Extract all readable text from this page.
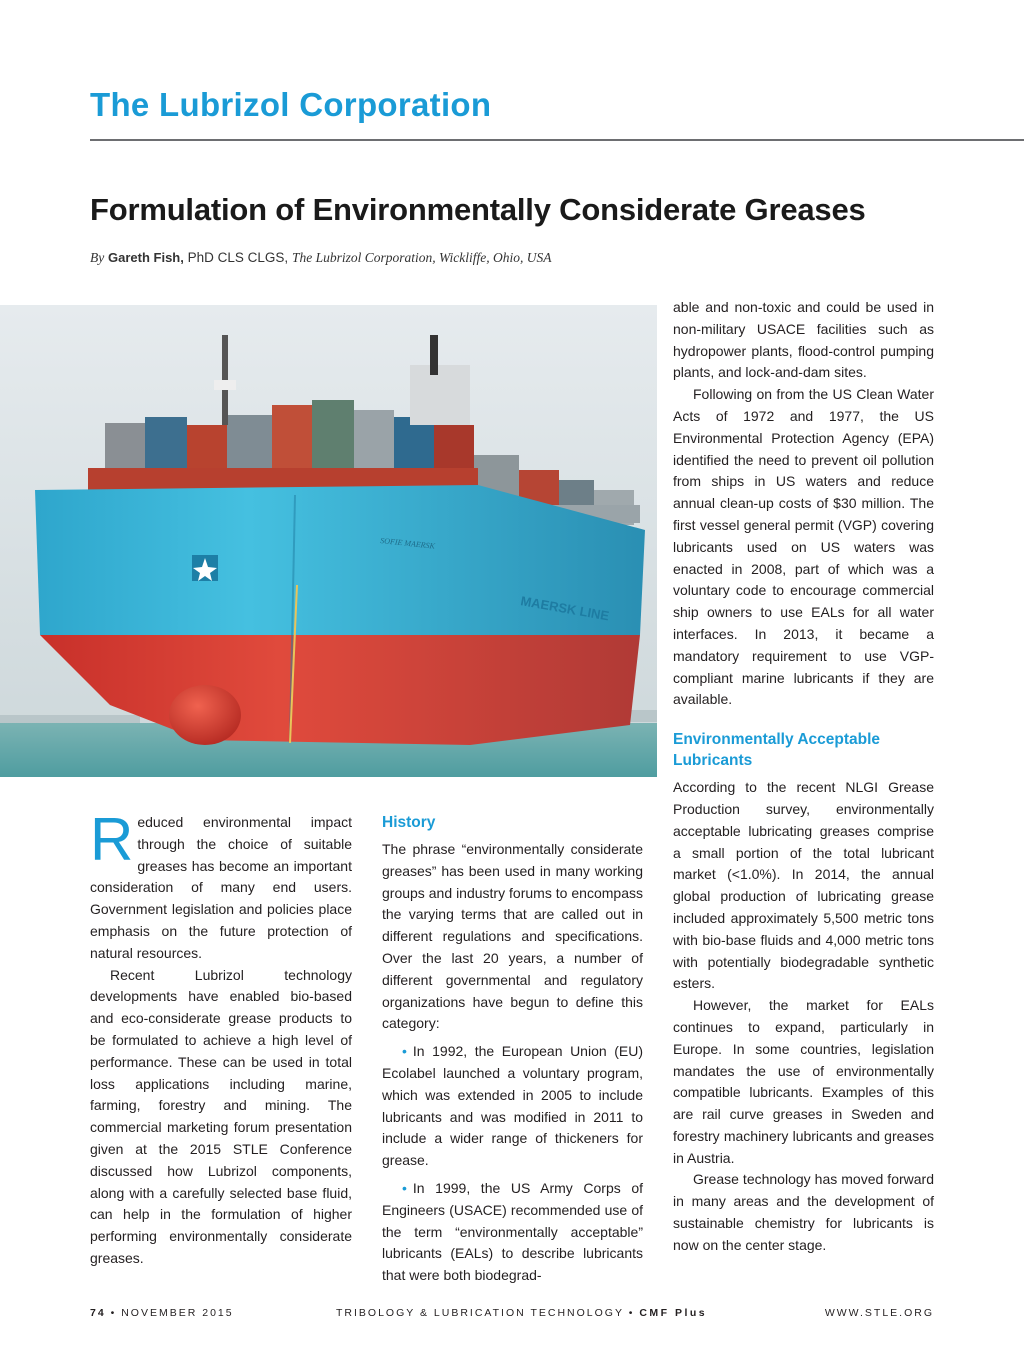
The Lubrizol Corporation
Formulation of Environmentally Considerate Greases
By Gareth Fish, PhD CLS CLGS, The Lubrizol Corporation, Wickliffe, Ohio, USA
MAERSK LINE
SOFIE MAERSK

Reduced environmental impact through the choice of suitable greases has become an important consideration of many end users. Government legislation and policies place emphasis on the future protection of natural resources.

Recent Lubrizol technology developments have enabled bio-based and eco-considerate grease products to be formulated to achieve a high level of performance. These can be used in total loss applications including marine, farming, forestry and mining. The commercial marketing forum presentation given at the 2015 STLE Conference discussed how Lubrizol components, along with a carefully selected base fluid, can help in the formulation of higher performing environmentally considerate greases.

History

The phrase “environmentally considerate greases” has been used in many working groups and industry forums to encompass the varying terms that are called out in different regulations and specifications. Over the last 20 years, a number of different governmental and regulatory organizations have begun to define this category:

• In 1992, the European Union (EU) Ecolabel launched a voluntary program, which was extended in 2005 to include lubricants and was modified in 2011 to include a wider range of thickeners for grease.

• In 1999, the US Army Corps of Engineers (USACE) recommended use of the term “environmentally acceptable” lubricants (EALs) to describe lubricants that were both biodegrad-

able and non-toxic and could be used in non-military USACE facilities such as hydropower plants, flood-control pumping plants, and lock-and-dam sites.

Following on from the US Clean Water Acts of 1972 and 1977, the US Environmental Protection Agency (EPA) identified the need to prevent oil pollution from ships in US waters and reduce annual clean-up costs of $30 million. The first vessel general permit (VGP) covering lubricants used on US waters was enacted in 2008, part of which was a voluntary code to encourage commercial ship owners to use EALs for all water interfaces. In 2013, it became a mandatory requirement to use VGP-compliant marine lubricants if they are available.

Environmentally Acceptable Lubricants

According to the recent NLGI Grease Production survey, environmentally acceptable lubricating greases comprise a small portion of the total lubricant market (<1.0%). In 2014, the annual global production of lubricating grease included approximately 5,500 metric tons with bio-base fluids and 4,000 metric tons with potentially biodegradable synthetic esters.

However, the market for EALs continues to expand, particularly in Europe. In some countries, legislation mandates the use of environmentally compatible lubricants. Examples of this are rail curve greases in Sweden and forestry machinery lubricants and greases in Austria.

Grease technology has moved forward in many areas and the development of sustainable chemistry for lubricants is now on the center stage.

74 • NOVEMBER 2015	TRIBOLOGY & LUBRICATION TECHNOLOGY • CMF Plus	WWW.STLE.ORG
